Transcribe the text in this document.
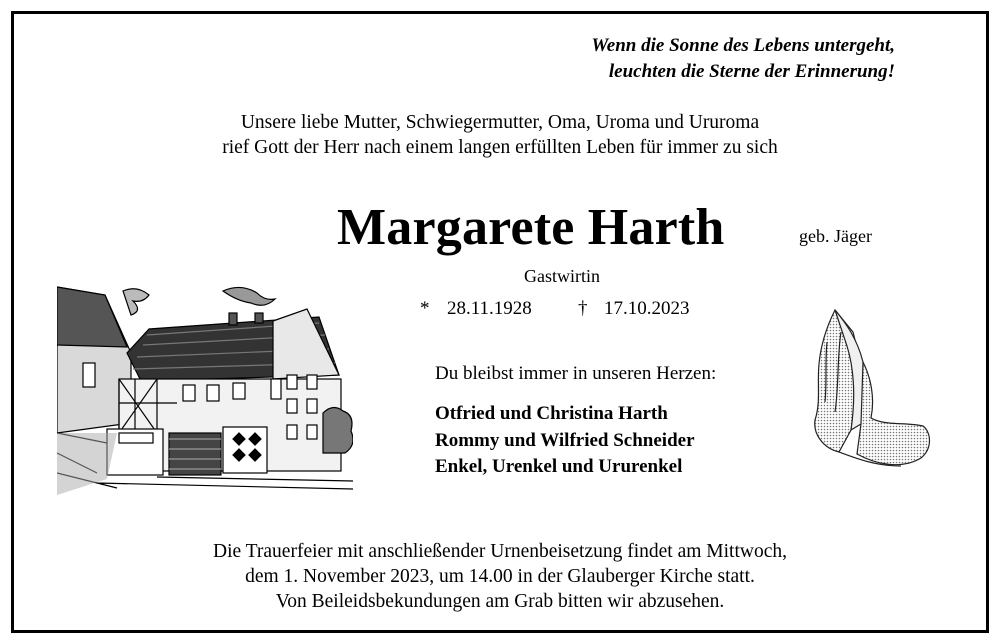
Wenn die Sonne des Lebens untergeht,
leuchten die Sterne der Erinnerung!
Unsere liebe Mutter, Schwiegermutter, Oma, Uroma und Ururoma
rief Gott der Herr nach einem langen erfüllten Leben für immer zu sich
Margarete Harth	geb. Jäger
Gastwirtin
* 28.11.1928 † 17.10.2023
Du bleibst immer in unseren Herzen:
Otfried und Christina Harth
Rommy und Wilfried Schneider
Enkel, Urenkel und Ururenkel
Die Trauerfeier mit anschließender Urnenbeisetzung findet am Mittwoch,
dem 1. November 2023, um 14.00 in der Glauberger Kirche statt.
Von Beileidsbekundungen am Grab bitten wir abzusehen.
